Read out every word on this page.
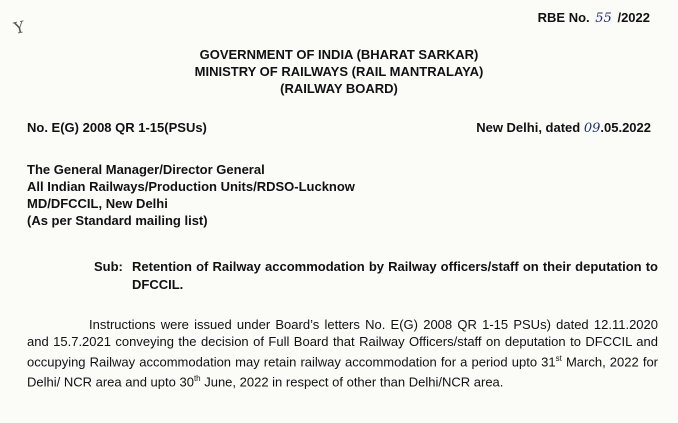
Y	RBE No. 55 /2022
GOVERNMENT OF INDIA (BHARAT SARKAR)
MINISTRY OF RAILWAYS (RAIL MANTRALAYA)
(RAILWAY BOARD)
No. E(G) 2008 QR 1-15(PSUs)	New Delhi, dated 09.05.2022
The General Manager/Director General
All Indian Railways/Production Units/RDSO-Lucknow
MD/DFCCIL, New Delhi
(As per Standard mailing list)
Sub: Retention of Railway accommodation by Railway officers/staff on their deputation to DFCCIL.
Instructions were issued under Board’s letters No. E(G) 2008 QR 1-15 PSUs) dated 12.11.2020 and 15.7.2021 conveying the decision of Full Board that Railway Officers/staff on deputation to DFCCIL and occupying Railway accommodation may retain railway accommodation for a period upto 31st March, 2022 for Delhi/ NCR area and upto 30th June, 2022 in respect of other than Delhi/NCR area.
